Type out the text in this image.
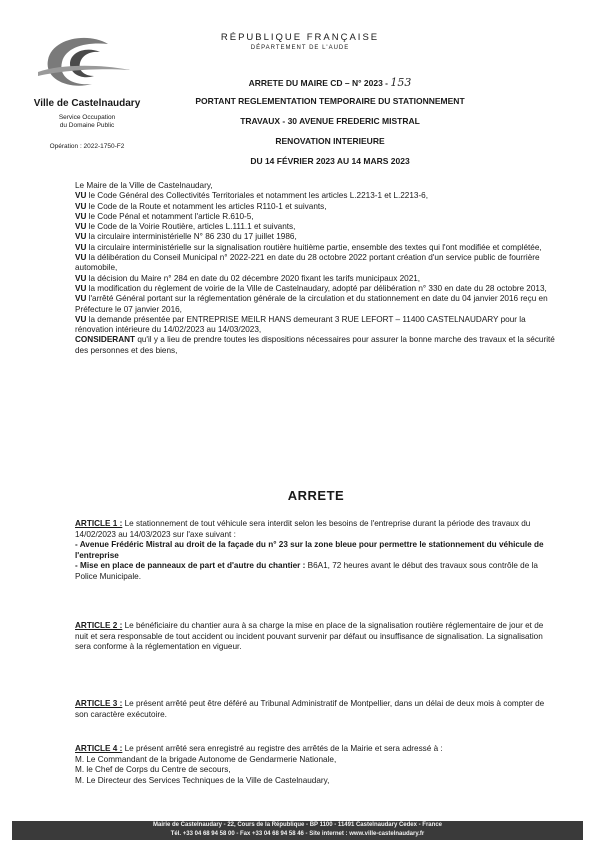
Ville de Castelnaudary
Service Occupation
du Domaine Public
Opération : 2022-1750-F2
RÉPUBLIQUE FRANÇAISE
DÉPARTEMENT DE L'AUDE
ARRETE DU MAIRE CD – N° 2023 - 153
PORTANT REGLEMENTATION TEMPORAIRE DU STATIONNEMENT
TRAVAUX - 30 AVENUE FREDERIC MISTRAL
RENOVATION INTERIEURE
DU 14 FÉVRIER 2023 AU 14 MARS 2023

Le Maire de la Ville de Castelnaudary,

VU le Code Général des Collectivités Territoriales et notamment les articles L.2213-1 et L.2213-6,

VU le Code de la Route et notamment les articles R110-1 et suivants,

VU le Code Pénal et notamment l'article R.610-5,

VU le Code de la Voirie Routière, articles L.111.1 et suivants,

VU la circulaire interministérielle N° 86 230 du 17 juillet 1986,

VU la circulaire interministérielle sur la signalisation routière huitième partie, ensemble des textes qui l'ont modifiée et complétée,

VU la délibération du Conseil Municipal n° 2022-221 en date du 28 octobre 2022 portant création d'un service public de fourrière automobile,

VU la décision du Maire n° 284 en date du 02 décembre 2020 fixant les tarifs municipaux 2021,

VU la modification du règlement de voirie de la Ville de Castelnaudary, adopté par délibération n° 330 en date du 28 octobre 2013,

VU l'arrêté Général portant sur la réglementation générale de la circulation et du stationnement en date du 04 janvier 2016 reçu en Préfecture le 07 janvier 2016,

VU la demande présentée par ENTREPRISE MEILR HANS demeurant 3 RUE LEFORT – 11400 CASTELNAUDARY pour la rénovation intérieure du 14/02/2023 au 14/03/2023,

CONSIDERANT qu'il y a lieu de prendre toutes les dispositions nécessaires pour assurer la bonne marche des travaux et la sécurité des personnes et des biens,

ARRETE
ARTICLE 1 : Le stationnement de tout véhicule sera interdit selon les besoins de l'entreprise durant la période des travaux du 14/02/2023 au 14/03/2023 sur l'axe suivant :
- Avenue Frédéric Mistral au droit de la façade du n° 23 sur la zone bleue pour permettre le stationnement du véhicule de l'entreprise
- Mise en place de panneaux de part et d'autre du chantier : B6A1, 72 heures avant le début des travaux sous contrôle de la Police Municipale.
ARTICLE 2 : Le bénéficiaire du chantier aura à sa charge la mise en place de la signalisation routière réglementaire de jour et de nuit et sera responsable de tout accident ou incident pouvant survenir par défaut ou insuffisance de signalisation. La signalisation sera conforme à la réglementation en vigueur.
ARTICLE 3 : Le présent arrêté peut être déféré au Tribunal Administratif de Montpellier, dans un délai de deux mois à compter de son caractère exécutoire.
ARTICLE 4 : Le présent arrêté sera enregistré au registre des arrêtés de la Mairie et sera adressé à :
M. Le Commandant de la brigade Autonome de Gendarmerie Nationale,
M. le Chef de Corps du Centre de secours,
M. Le Directeur des Services Techniques de la Ville de Castelnaudary,
Mairie de Castelnaudary - 22, Cours de la République - BP 1100 - 11491 Castelnaudary Cedex - France
Tél. +33 04 68 94 58 00 - Fax +33 04 68 94 58 46 - Site internet : www.ville-castelnaudary.fr
